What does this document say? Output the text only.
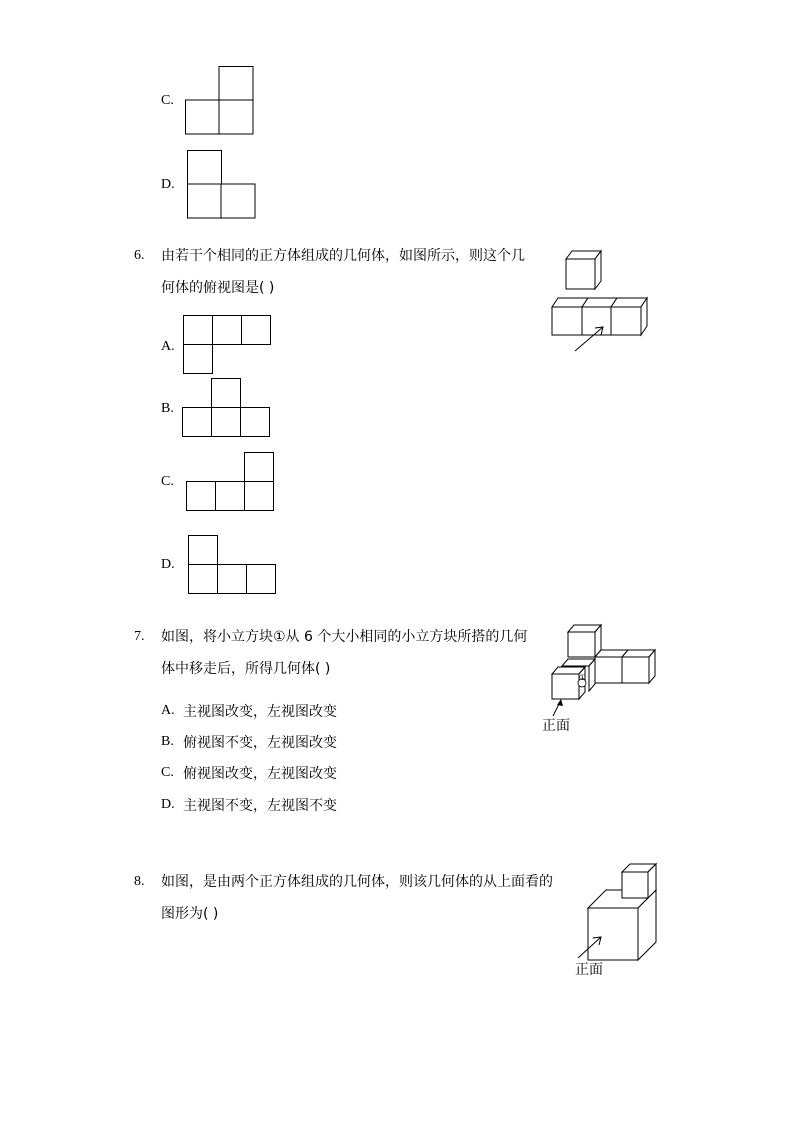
C.
D.
6. 由若干个相同的正方体组成的几何体，如图所示，则这个几
何体的俯视图是( )
A.
B.
C.
D.
7. 如图，将小立方块①从 6 个大小相同的小立方块所搭的几何
体中移走后，所得几何体( )
①
正面
A. 主视图改变，左视图改变
B. 俯视图不变，左视图改变
C. 俯视图改变，左视图改变
D. 主视图不变，左视图不变
8. 如图，是由两个正方体组成的几何体，则该几何体的从上面看的
图形为( )
正面
